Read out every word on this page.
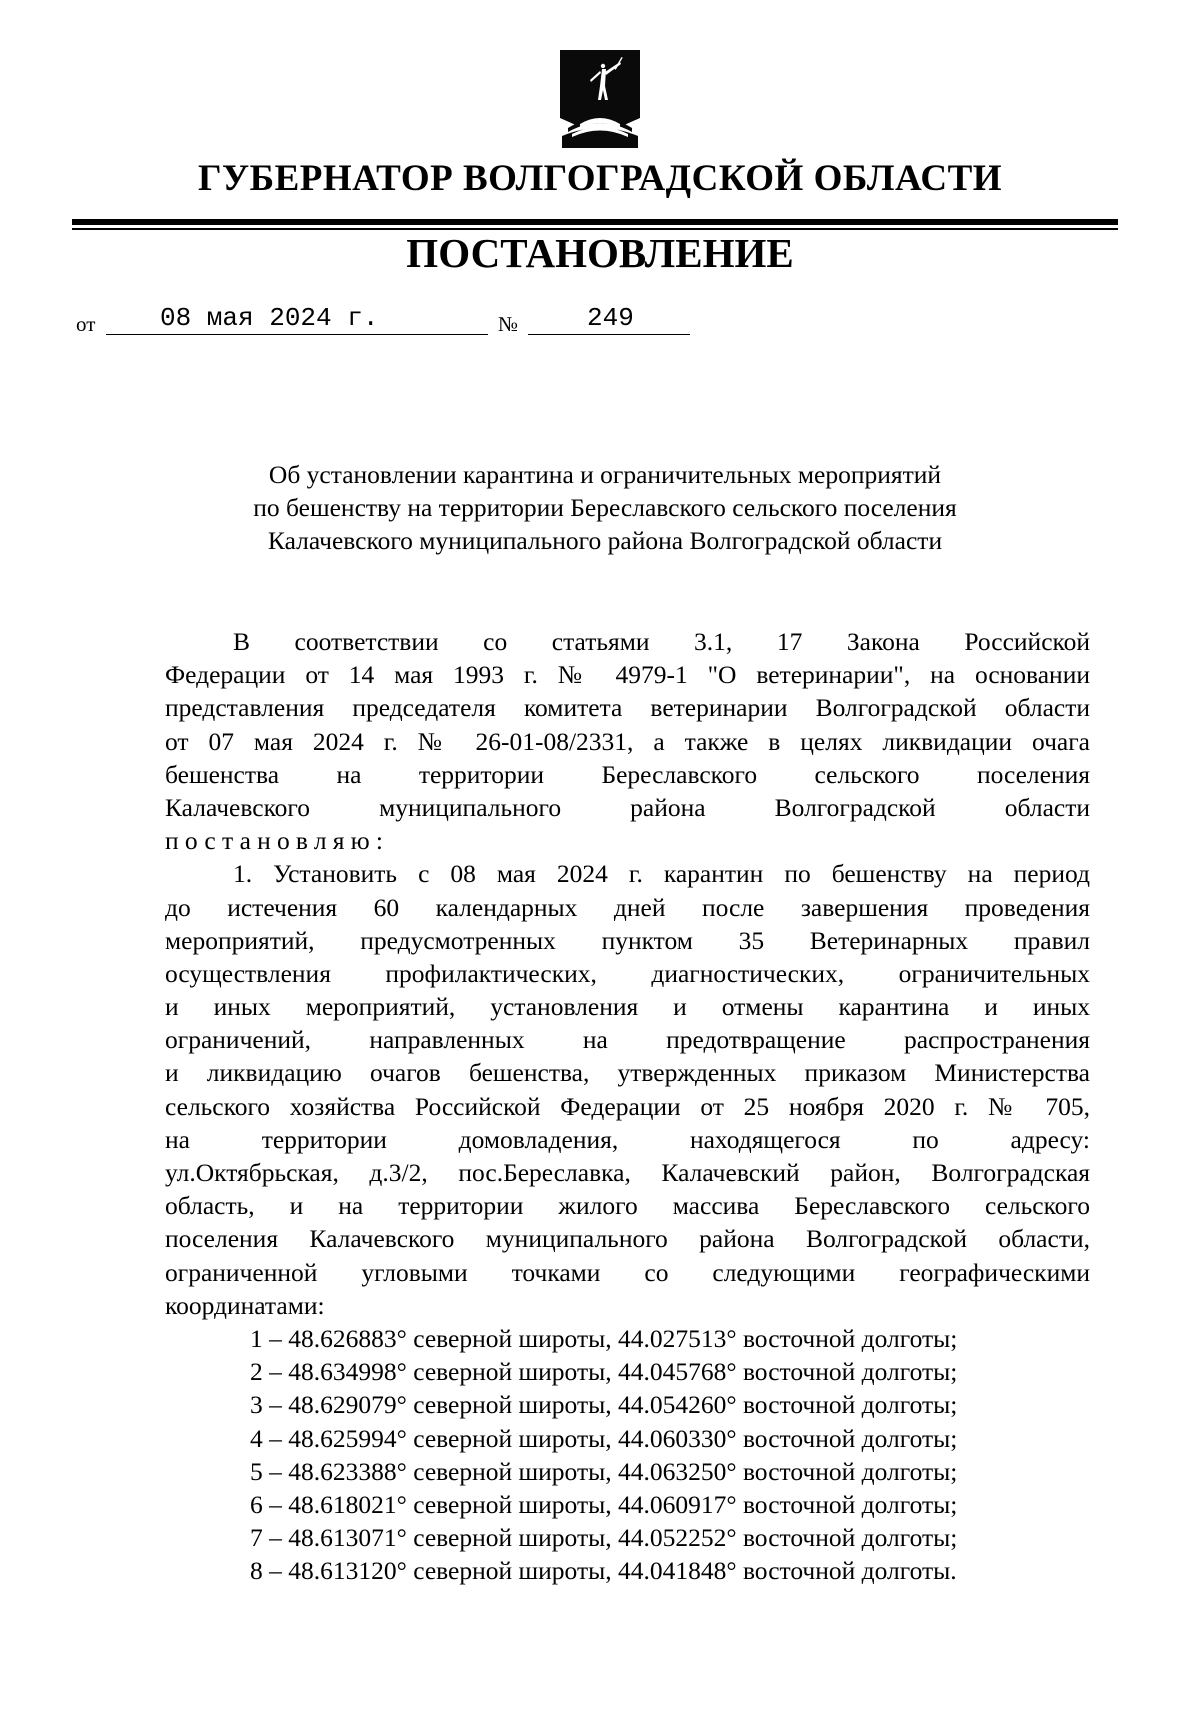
ГУБЕРНАТОР ВОЛГОГРАДСКОЙ ОБЛАСТИ
ПОСТАНОВЛЕНИЕ
от 08 мая 2024 г.	№	249
Об установлении карантина и ограничительных мероприятий
по бешенству на территории Береславского сельского поселения
Калачевского муниципального района Волгоградской области
В соответствии со статьями 3.1, 17 Закона Российской
Федерации от 14 мая 1993 г. № 4979-1 "О ветеринарии", на основании
представления председателя комитета ветеринарии Волгоградской области
от 07 мая 2024 г. № 26-01-08/2331, а также в целях ликвидации очага
бешенства на территории Береславского сельского поселения
Калачевского муниципального района Волгоградской области
постановляю:
1. Установить с 08 мая 2024 г. карантин по бешенству на период
до истечения 60 календарных дней после завершения проведения
мероприятий, предусмотренных пунктом 35 Ветеринарных правил
осуществления профилактических, диагностических, ограничительных
и иных мероприятий, установления и отмены карантина и иных
ограничений, направленных на предотвращение распространения
и ликвидацию очагов бешенства, утвержденных приказом Министерства
сельского хозяйства Российской Федерации от 25 ноября 2020 г. № 705,
на территории домовладения, находящегося по адресу:
ул.Октябрьская, д.3/2, пос.Береславка, Калачевский район, Волгоградская
область, и на территории жилого массива Береславского сельского
поселения Калачевского муниципального района Волгоградской области,
ограниченной угловыми точками со следующими географическими
координатами:
1 – 48.626883° северной широты, 44.027513° восточной долготы;
2 – 48.634998° северной широты, 44.045768° восточной долготы;
3 – 48.629079° северной широты, 44.054260° восточной долготы;
4 – 48.625994° северной широты, 44.060330° восточной долготы;
5 – 48.623388° северной широты, 44.063250° восточной долготы;
6 – 48.618021° северной широты, 44.060917° восточной долготы;
7 – 48.613071° северной широты, 44.052252° восточной долготы;
8 – 48.613120° северной широты, 44.041848° восточной долготы.
